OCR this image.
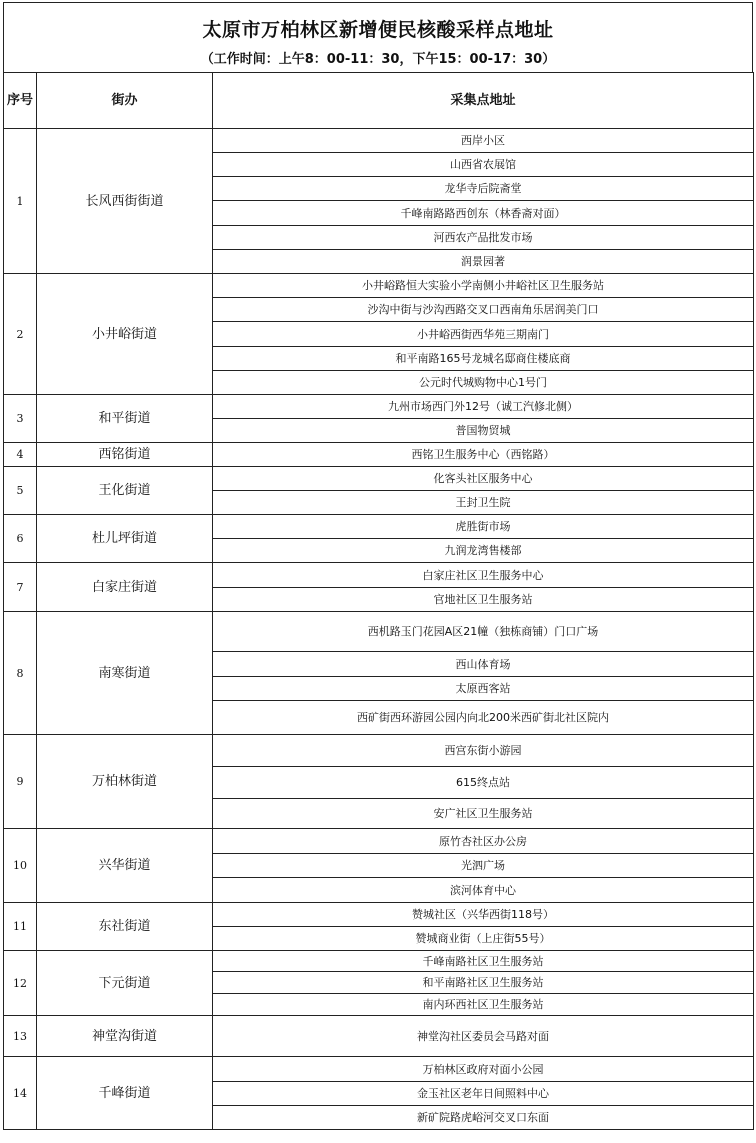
太原市万柏林区新增便民核酸采样点地址
（工作时间：上午8：00-11：30，下午15：00-17：30）
序号	街办	采集点地址
1	长风西街街道	西岸小区
		山西省农展馆
		龙华寺后院斋堂
		千峰南路路西创东（林香斋对面）
		河西农产品批发市场
		润景园著
2	小井峪街道	小井峪路恒大实验小学南侧小井峪社区卫生服务站
		沙沟中街与沙沟西路交叉口西南角乐居润美门口
		小井峪西街西华苑三期南门
		和平南路165号龙城名邸商住楼底商
		公元时代城购物中心1号门
3	和平街道	九州市场西门外12号（诚工汽修北侧）
		普国物贸城
4	西铭街道	西铭卫生服务中心（西铭路）
5	王化街道	化客头社区服务中心
		王封卫生院
6	杜儿坪街道	虎胜街市场
		九润龙湾售楼部
7	白家庄街道	白家庄社区卫生服务中心
		官地社区卫生服务站
8	南寒街道	西机路玉门花园A区21幢（独栋商铺）门口广场
		西山体育场
		太原西客站
		西矿街西环游园公园内向北200米西矿街北社区院内
9	万柏林街道	西宫东街小游园
		615终点站
		安广社区卫生服务站
10	兴华街道	原竹杏社区办公房
		光泗广场
		滨河体育中心
11	东社街道	赞城社区（兴华西街118号）
		赞城商业街（上庄街55号）
12	下元街道	千峰南路社区卫生服务站
		和平南路社区卫生服务站
		南内环西社区卫生服务站
13	神堂沟街道	神堂沟社区委员会马路对面
14	千峰街道	万柏林区政府对面小公园
		金玉社区老年日间照料中心
		新矿院路虎峪河交叉口东面
